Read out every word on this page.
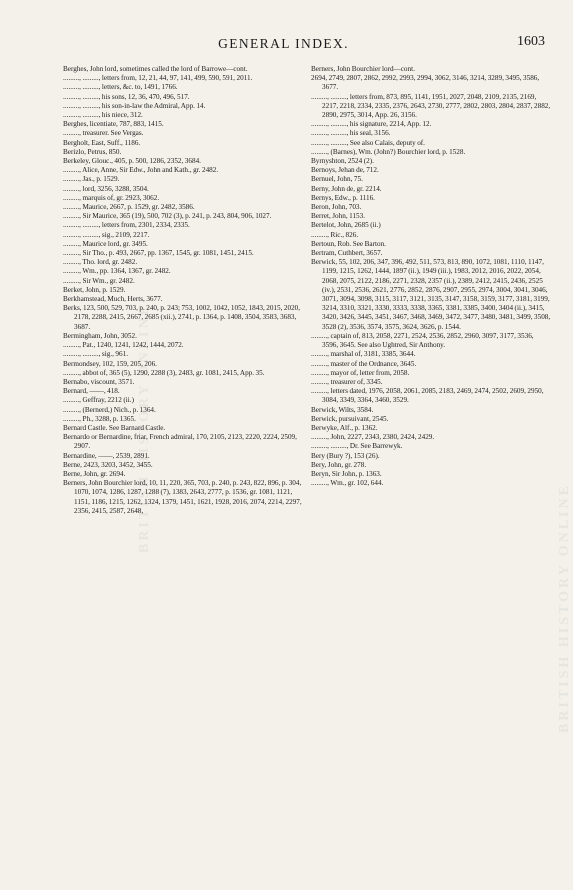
GENERAL INDEX.	1603
BRITISH HISTORY ONLINE
BRITISH HISTORY ONLINE
Berghes, John lord, sometimes called the lord of Barrowe—cont.
........., ........., letters from, 12, 21, 44, 97, 141, 499, 590, 591, 2011.
........., ........., letters, &c. to, 1491, 1766.
........., ........., his sons, 12, 36, 470, 496, 517.
........., ........., his son-in-law the Admiral, App. 14.
........., ........., his niece, 312.
Berghes, licentiate, 787, 883, 1415.
........., treasurer. See Vergas.
Bergholt, East, Suff., 1186.
Berizlo, Petrus, 850.
Berkeley, Glouc., 405, p. 500, 1286, 2352, 3684.
........., Alice, Anne, Sir Edw., John and Kath., gr. 2482.
........., Jas., p. 1529.
........., lord, 3256, 3288, 3504.
........., marquis of, gr. 2923, 3062.
........., Maurice, 2667, p. 1529, gr. 2482, 3586.
........., Sir Maurice, 365 (19), 500, 702 (3), p. 241, p. 243, 804, 906, 1027.
........., ........., letters from, 2301, 2334, 2335.
........., ........., sig., 2109, 2217.
........., Maurice lord, gr. 3495.
........., Sir Tho., p. 493, 2667, pp. 1367, 1545, gr. 1081, 1451, 2415.
........., Tho. lord, gr. 2482.
........., Wm., pp. 1364, 1367, gr. 2482.
........., Sir Wm., gr. 2482.
Berket, John, p. 1529.
Berkhamstead, Much, Herts, 3677.
Berks, 123, 500, 529, 703, p. 240, p. 243; 753, 1002, 1042, 1052, 1843, 2015, 2020, 2178, 2288, 2415, 2667, 2685 (xii.), 2741, p. 1364, p. 1408, 3504, 3583, 3683, 3687.
Bermingham, John, 3052.
........., Pat., 1240, 1241, 1242, 1444, 2072.
........., ........., sig., 961.
Bermondsey, 102, 159, 205, 206.
........., abbot of, 365 (5), 1290, 2288 (3), 2483, gr. 1081, 2415, App. 35.
Bernabo, viscount, 3571.
Bernard, ——, 418.
........., Geffray, 2212 (ii.)
........., (Bernerd,) Nich., p. 1364.
........., Ph., 3288, p. 1365.
Bernard Castle. See Barnard Castle.
Bernardo or Bernardine, friar, French admiral, 170, 2105, 2123, 2220, 2224, 2509, 2907.
Bernardine, ——, 2539, 2891.
Berne, 2423, 3203, 3452, 3455.
Berne, John, gr. 2694.
Berners, John Bourchier lord, 10, 11, 220, 365, 703, p. 240, p. 243, 822, 896, p. 304, 1070, 1074, 1286, 1287, 1288 (7), 1383, 2643, 2777, p. 1536, gr. 1081, 1121, 1151, 1186, 1215, 1262, 1324, 1379, 1451, 1621, 1928, 2016, 2074, 2214, 2297, 2356, 2415, 2587, 2648,
Berners, John Bourchier lord—cont.
2694, 2749, 2807, 2862, 2992, 2993, 2994, 3062, 3146, 3214, 3289, 3495, 3586, 3677.
........., ........., letters from, 873, 895, 1141, 1951, 2027, 2048, 2109, 2135, 2169, 2217, 2218, 2334, 2335, 2376, 2643, 2730, 2777, 2802, 2803, 2804, 2837, 2882, 2890, 2975, 3014, App. 26, 3156.
........., ........., his signature, 2214, App. 12.
........., ........., his seal, 3156.
........., ........., See also Calais, deputy of.
........., (Barnes), Wm. (John?) Bourchier lord, p. 1528.
Byrnyshton, 2524 (2).
Bernoys, Jehan de, 712.
Bernuel, John, 75.
Berny, John de, gr. 2214.
Bernys, Edw., p. 1116.
Beron, John, 703.
Berret, John, 1153.
Bertelot, John, 2685 (ii.)
........., Ric., 826.
Bertoun, Rob. See Barton.
Bertram, Cuthbert, 3657.
Berwick, 55, 102, 206, 347, 396, 492, 511, 573, 813, 890, 1072, 1081, 1110, 1147, 1199, 1215, 1262, 1444, 1897 (ii.), 1949 (iii.), 1983, 2012, 2016, 2022, 2054, 2068, 2075, 2122, 2186, 2271, 2328, 2357 (ii.), 2389, 2412, 2415, 2436, 2525 (iv.), 2531, 2536, 2621, 2776, 2852, 2876, 2907, 2955, 2974, 3004, 3041, 3046, 3071, 3094, 3098, 3115, 3117, 3121, 3135, 3147, 3158, 3159, 3177, 3181, 3199, 3214, 3310, 3321, 3330, 3333, 3338, 3365, 3381, 3385, 3400, 3404 (ii.), 3415, 3420, 3426, 3445, 3451, 3467, 3468, 3469, 3472, 3477, 3480, 3481, 3499, 3508, 3528 (2), 3536, 3574, 3575, 3624, 3626, p. 1544.
........., captain of, 813, 2058, 2271, 2524, 2536, 2852, 2960, 3097, 3177, 3536, 3596, 3645. See also Ughtred, Sir Anthony.
........., marshal of, 3181, 3385, 3644.
........., master of the Ordnance, 3645.
........., mayor of, letter from, 2058.
........., treasurer of, 3345.
........., letters dated, 1976, 2058, 2061, 2085, 2183, 2469, 2474, 2502, 2609, 2950, 3084, 3349, 3364, 3460, 3529.
Berwick, Wilts, 3584.
Berwick, pursuivant, 2545.
Berwyke, Alf., p. 1362.
........., John, 2227, 2343, 2380, 2424, 2429.
........., ........., Dr. See Barrewyk.
Bery (Bury ?), 153 (26).
Bery, John, gr. 278.
Beryn, Sir John, p. 1363.
........., Wm., gr. 102, 644.
